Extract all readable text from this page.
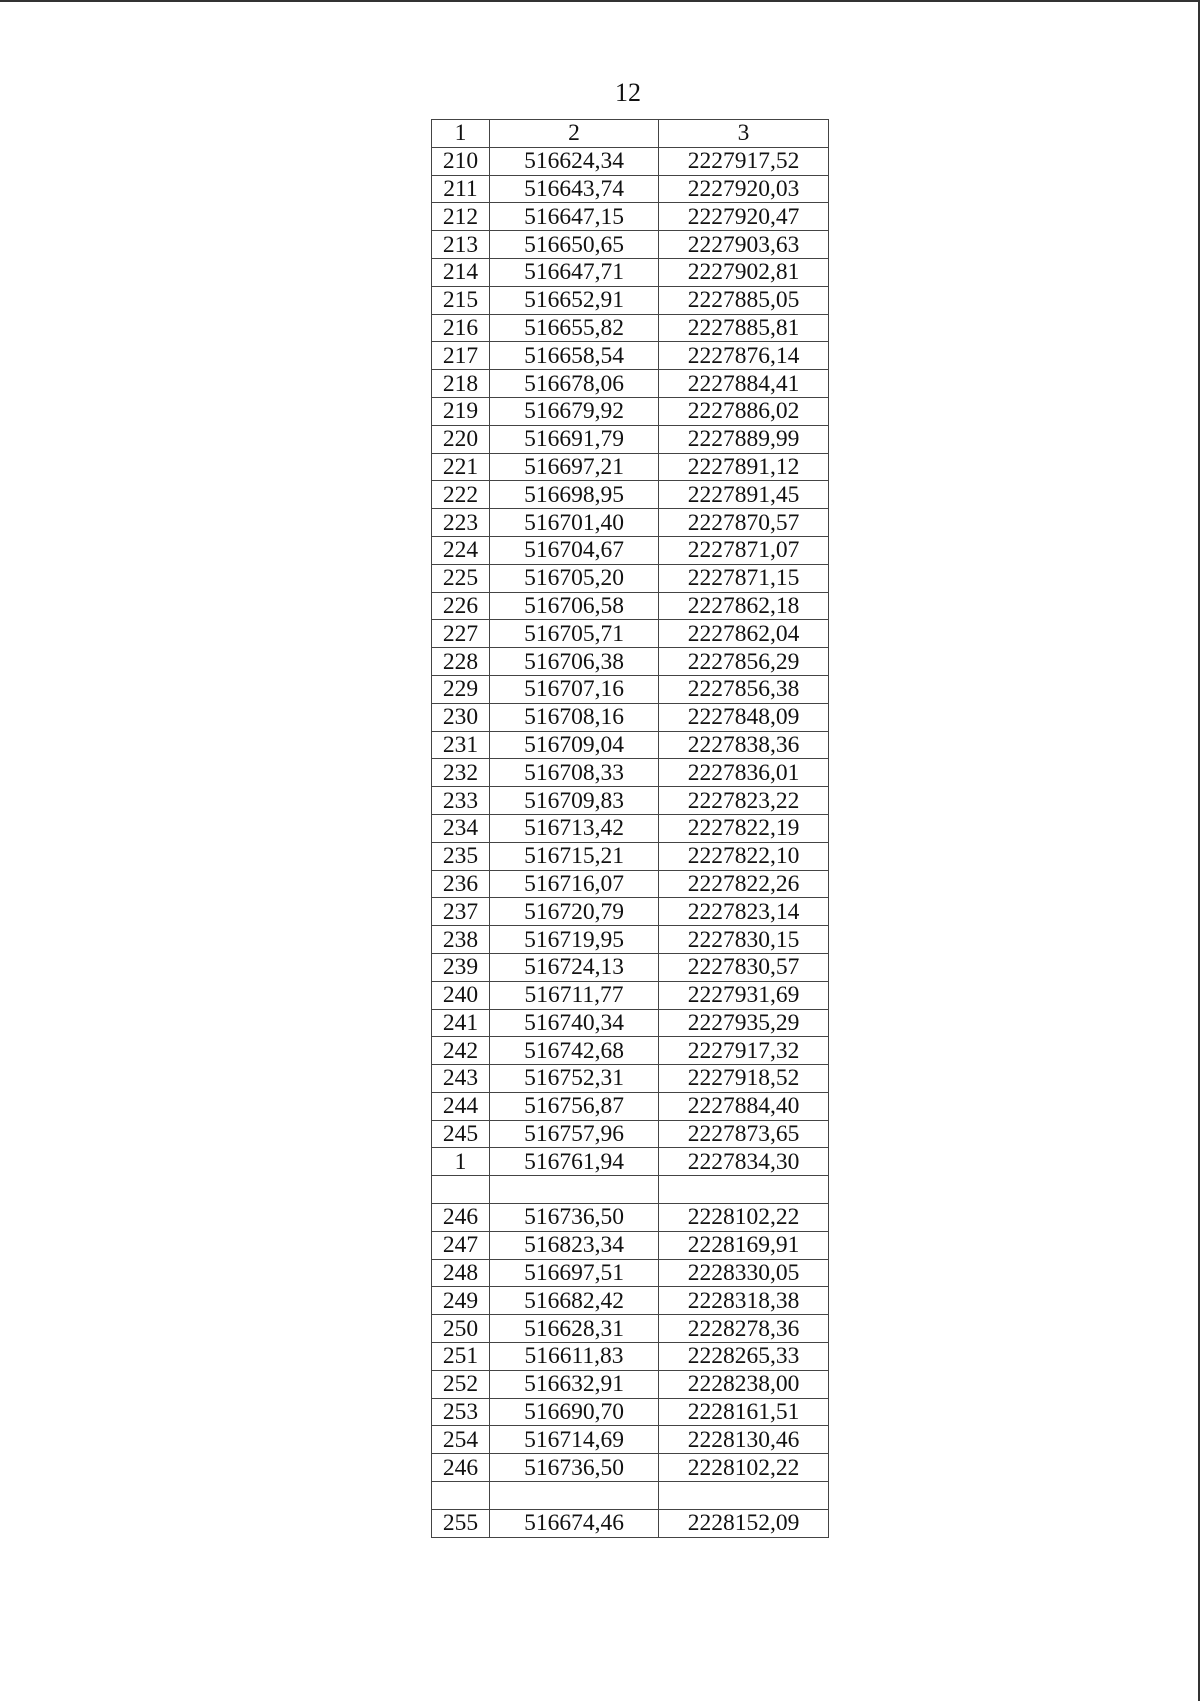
12
1	2	3
210	516624,34	2227917,52
211	516643,74	2227920,03
212	516647,15	2227920,47
213	516650,65	2227903,63
214	516647,71	2227902,81
215	516652,91	2227885,05
216	516655,82	2227885,81
217	516658,54	2227876,14
218	516678,06	2227884,41
219	516679,92	2227886,02
220	516691,79	2227889,99
221	516697,21	2227891,12
222	516698,95	2227891,45
223	516701,40	2227870,57
224	516704,67	2227871,07
225	516705,20	2227871,15
226	516706,58	2227862,18
227	516705,71	2227862,04
228	516706,38	2227856,29
229	516707,16	2227856,38
230	516708,16	2227848,09
231	516709,04	2227838,36
232	516708,33	2227836,01
233	516709,83	2227823,22
234	516713,42	2227822,19
235	516715,21	2227822,10
236	516716,07	2227822,26
237	516720,79	2227823,14
238	516719,95	2227830,15
239	516724,13	2227830,57
240	516711,77	2227931,69
241	516740,34	2227935,29
242	516742,68	2227917,32
243	516752,31	2227918,52
244	516756,87	2227884,40
245	516757,96	2227873,65
1	516761,94	2227834,30

246	516736,50	2228102,22
247	516823,34	2228169,91
248	516697,51	2228330,05
249	516682,42	2228318,38
250	516628,31	2228278,36
251	516611,83	2228265,33
252	516632,91	2228238,00
253	516690,70	2228161,51
254	516714,69	2228130,46
246	516736,50	2228102,22

255	516674,46	2228152,09
